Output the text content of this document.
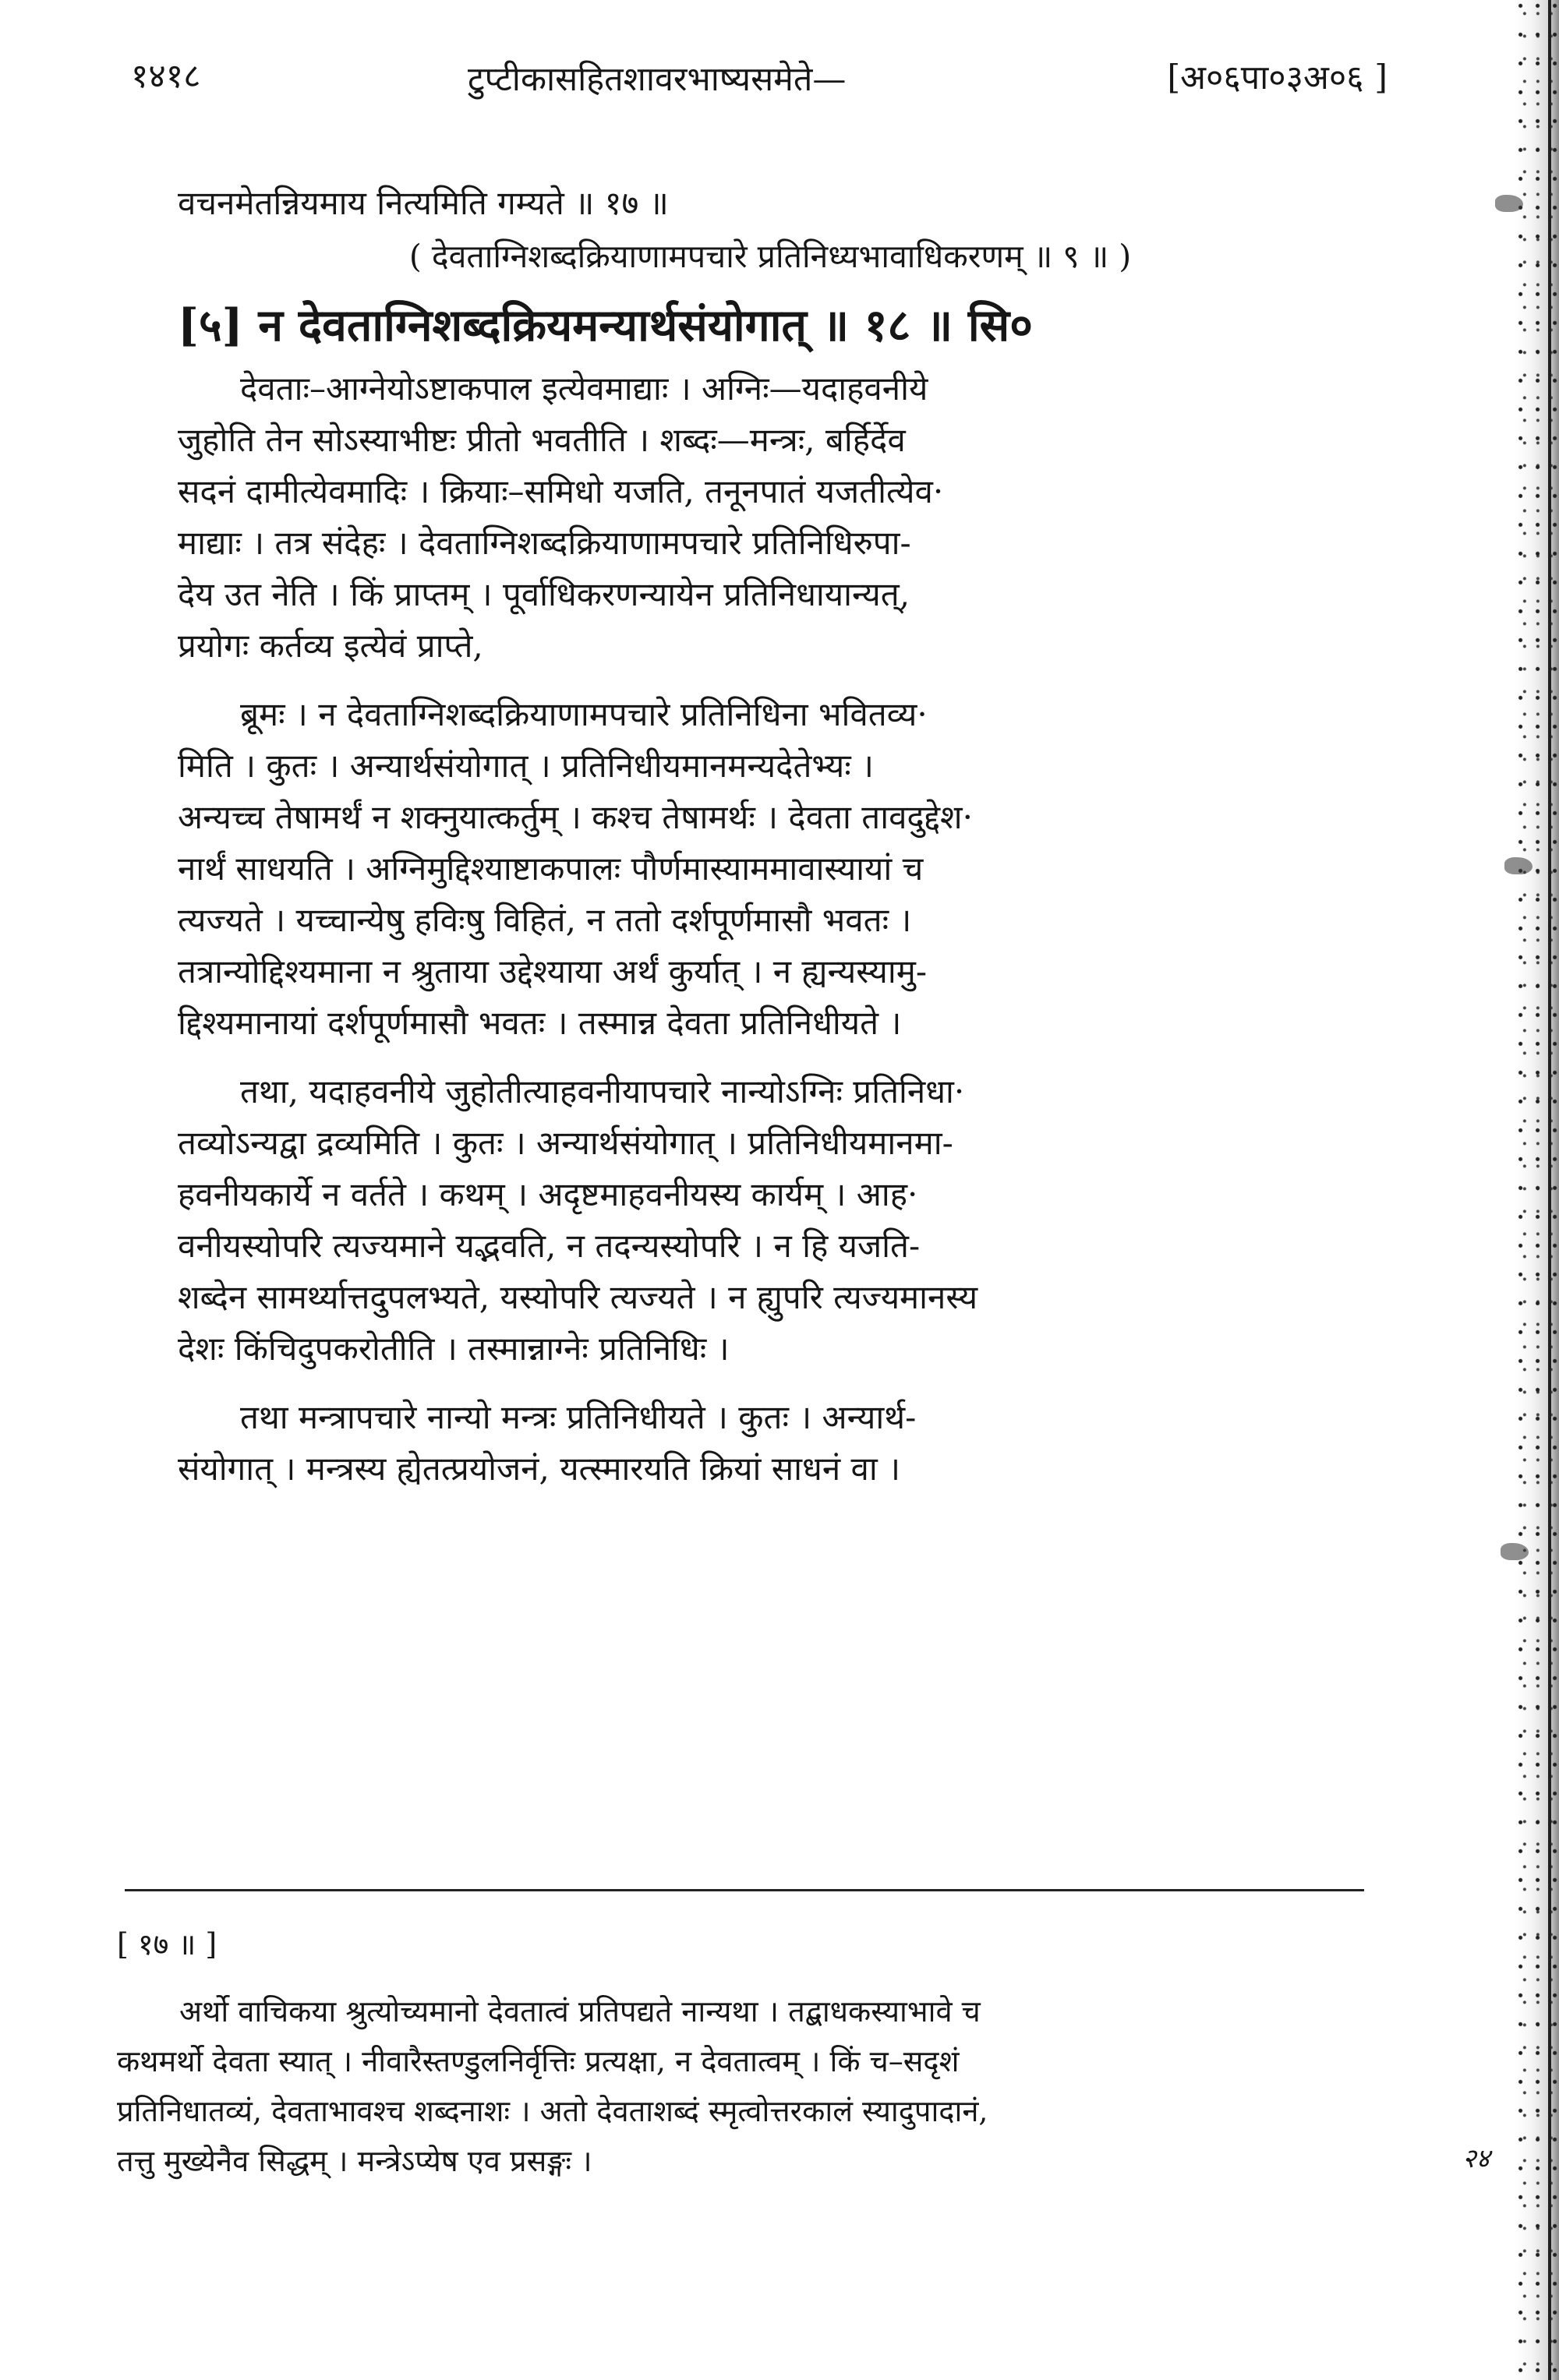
१४१८	टुप्टीकासहितशावरभाष्यसमेते—	[अ०६पा०३अ०६ ]
वचनमेतन्नियमाय नित्यमिति गम्यते ॥ १७ ॥
( देवताग्निशब्दक्रियाणामपचारे प्रतिनिध्यभावाधिकरणम् ॥ ९ ॥ )
[५] न देवताग्निशब्दक्रियमन्यार्थसंयोगात् ॥ १८ ॥ सि०
देवताः–आग्नेयोऽष्टाकपाल इत्येवमाद्याः । अग्निः—यदाहवनीये
जुहोति तेन सोऽस्याभीष्टः प्रीतो भवतीति । शब्दः—मन्त्रः, बर्हिर्देव
सदनं दामीत्येवमादिः । क्रियाः–समिधो यजति, तनूनपातं यजतीत्येव·
माद्याः । तत्र संदेहः । देवताग्निशब्दक्रियाणामपचारे प्रतिनिधिरुपा-
देय उत नेति । किं प्राप्तम् । पूर्वाधिकरणन्यायेन प्रतिनिधायान्यत्,
प्रयोगः कर्तव्य इत्येवं प्राप्ते,
ब्रूमः । न देवताग्निशब्दक्रियाणामपचारे प्रतिनिधिना भवितव्य·
मिति । कुतः । अन्यार्थसंयोगात् । प्रतिनिधीयमानमन्यदेतेभ्यः ।
अन्यच्च तेषामर्थं न शक्नुयात्कर्तुम् । कश्च तेषामर्थः । देवता तावदुद्देश·
नार्थं साधयति । अग्निमुद्दिश्याष्टाकपालः पौर्णमास्याममावास्यायां च
त्यज्यते । यच्चान्येषु हविःषु विहितं, न ततो दर्शपूर्णमासौ भवतः ।
तत्रान्योद्दिश्यमाना न श्रुताया उद्देश्याया अर्थं कुर्यात् । न ह्यन्यस्यामु-
द्दिश्यमानायां दर्शपूर्णमासौ भवतः । तस्मान्न देवता प्रतिनिधीयते ।
तथा, यदाहवनीये जुहोतीत्याहवनीयापचारे नान्योऽग्निः प्रतिनिधा·
तव्योऽन्यद्वा द्रव्यमिति । कुतः । अन्यार्थसंयोगात् । प्रतिनिधीयमानमा-
हवनीयकार्ये न वर्तते । कथम् । अदृष्टमाहवनीयस्य कार्यम् । आह·
वनीयस्योपरि त्यज्यमाने यद्भवति, न तदन्यस्योपरि । न हि यजति-
शब्देन सामर्थ्यात्तदुपलभ्यते, यस्योपरि त्यज्यते । न ह्युपरि त्यज्यमानस्य
देशः किंचिदुपकरोतीति । तस्मान्नाग्नेः प्रतिनिधिः ।
तथा मन्त्रापचारे नान्यो मन्त्रः प्रतिनिधीयते । कुतः । अन्यार्थ-
संयोगात् । मन्त्रस्य ह्येतत्प्रयोजनं, यत्स्मारयति क्रियां साधनं वा ।
[ १७ ॥ ]
अर्थो वाचिकया श्रुत्योच्यमानो देवतात्वं प्रतिपद्यते नान्यथा । तद्बाधकस्याभावे च
कथमर्थो देवता स्यात् । नीवारैस्तण्डुलनिर्वृत्तिः प्रत्यक्षा, न देवतात्वम् । किं च–सदृशं
प्रतिनिधातव्यं, देवताभावश्च शब्दनाशः । अतो देवताशब्दं स्मृत्वोत्तरकालं स्यादुपादानं,
तत्तु मुख्येनैव सिद्धम् । मन्त्रेऽप्येष एव प्रसङ्गः ।	२४
